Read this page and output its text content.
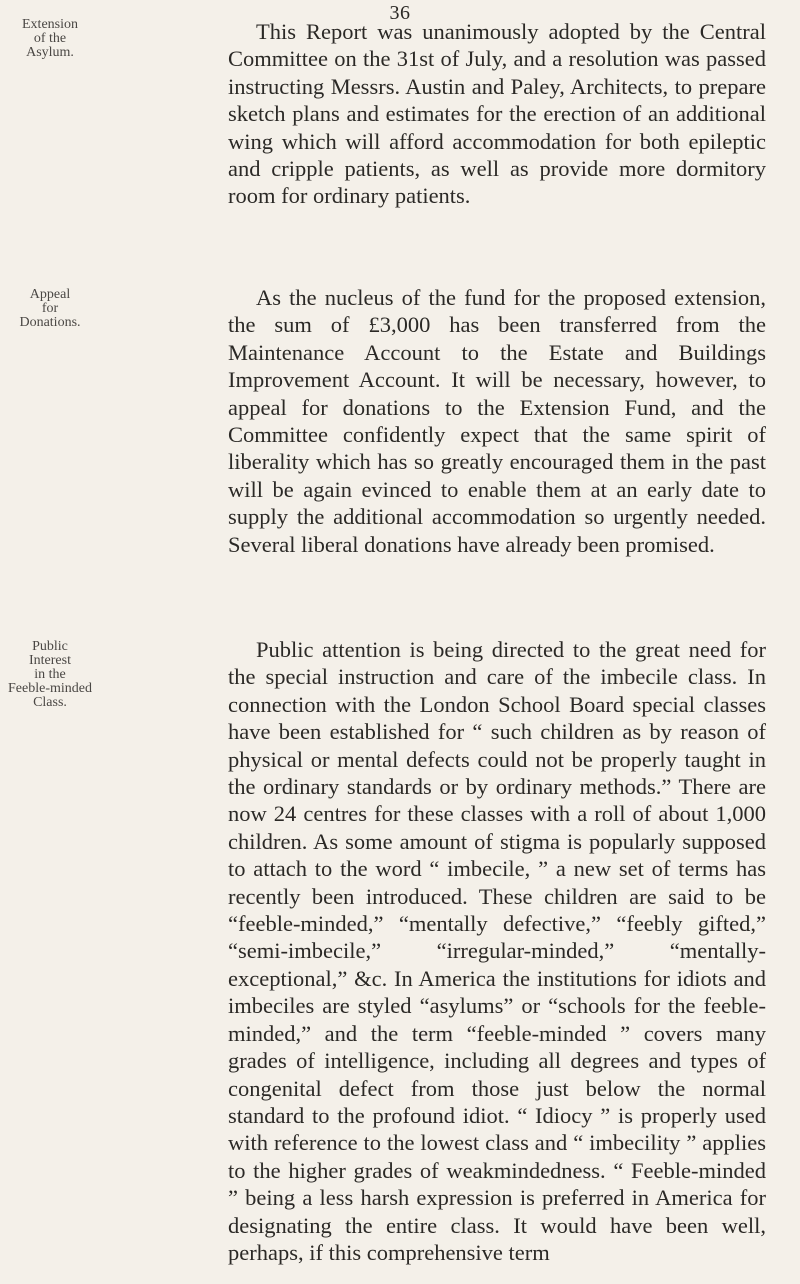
36
Extension
of the
Asylum.

This Report was unanimously adopted by the Central Committee on the 31st of July, and a resolution was passed instructing Messrs. Austin and Paley, Architects, to prepare sketch plans and estimates for the erection of an additional wing which will afford accommodation for both epileptic and cripple patients, as well as provide more dormitory room for ordinary patients.

Appeal
for
Donations.

As the nucleus of the fund for the proposed extension, the sum of £3,000 has been transferred from the Maintenance Account to the Estate and Buildings Improvement Account. It will be necessary, however, to appeal for donations to the Extension Fund, and the Committee confidently expect that the same spirit of liberality which has so greatly encouraged them in the past will be again evinced to enable them at an early date to supply the additional accommodation so urgently needed. Several liberal donations have already been promised.

Public
Interest
in the
Feeble-minded
Class.

Public attention is being directed to the great need for the special instruction and care of the imbecile class. In connection with the London School Board special classes have been established for “ such children as by reason of physical or mental defects could not be properly taught in the ordinary standards or by ordinary methods.” There are now 24 centres for these classes with a roll of about 1,000 children. As some amount of stigma is popularly supposed to attach to the word “ imbecile, ” a new set of terms has recently been introduced. These children are said to be “feeble-minded,” “mentally defective,” “feebly gifted,” “semi-imbecile,” “irregular-minded,” “mentally-exceptional,” &c. In America the institutions for idiots and imbeciles are styled “asylums” or “schools for the feeble-minded,” and the term “feeble-minded ” covers many grades of intelligence, including all degrees and types of congenital defect from those just below the normal standard to the profound idiot. “ Idiocy ” is properly used with reference to the lowest class and “ imbecility ” applies to the higher grades of weakmindedness. “ Feeble-minded ” being a less harsh expression is preferred in America for designating the entire class. It would have been well, perhaps, if this comprehensive term
